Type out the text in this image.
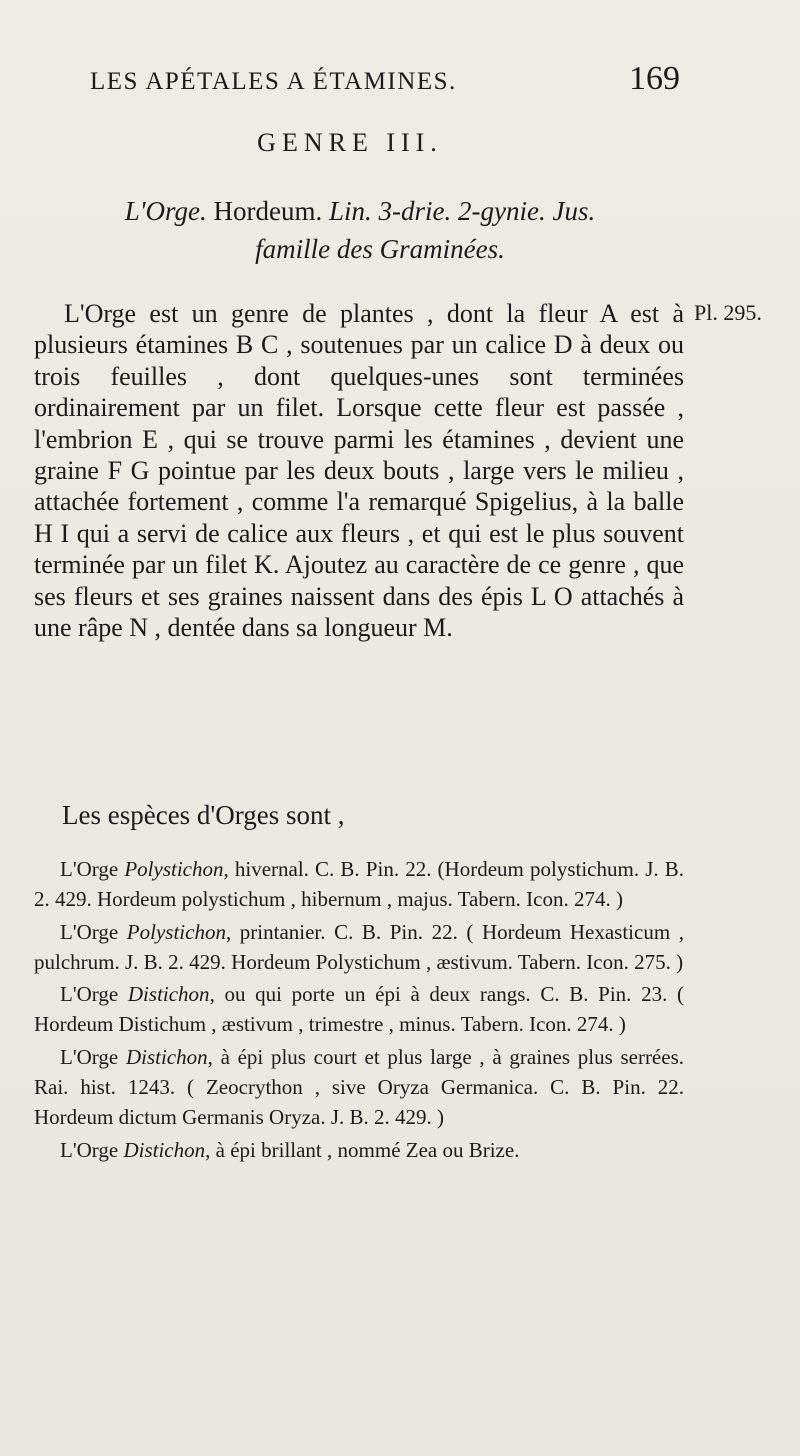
LES APÉTALES A ÉTAMINES.	169
GENRE III.
L'Orge. Hordeum. Lin. 3-drie. 2-gynie. Jus.
famille des Graminées.
Pl. 295.

L'Orge est un genre de plantes , dont la fleur A est à plusieurs étamines B C , soutenues par un calice D à deux ou trois feuilles , dont quelques-unes sont terminées ordinairement par un filet. Lorsque cette fleur est passée , l'embrion E , qui se trouve parmi les étamines , devient une graine F G pointue par les deux bouts , large vers le milieu , attachée fortement , comme l'a remarqué Spigelius, à la balle H I qui a servi de calice aux fleurs , et qui est le plus souvent terminée par un filet K. Ajoutez au caractère de ce genre , que ses fleurs et ses graines naissent dans des épis L O attachés à une râpe N , dentée dans sa longueur M.

Les espèces d'Orges sont ,

L'Orge Polystichon, hivernal. C. B. Pin. 22. (Hordeum polystichum. J. B. 2. 429. Hordeum polystichum , hibernum , majus. Tabern. Icon. 274. )

L'Orge Polystichon, printanier. C. B. Pin. 22. ( Hordeum Hexasticum , pulchrum. J. B. 2. 429. Hordeum Polystichum , æstivum. Tabern. Icon. 275. )

L'Orge Distichon, ou qui porte un épi à deux rangs. C. B. Pin. 23. ( Hordeum Distichum , æstivum , trimestre , minus. Tabern. Icon. 274. )

L'Orge Distichon, à épi plus court et plus large , à graines plus serrées. Rai. hist. 1243. ( Zeocrython , sive Oryza Germanica. C. B. Pin. 22. Hordeum dictum Germanis Oryza. J. B. 2. 429. )

L'Orge Distichon, à épi brillant , nommé Zea ou Brize.
